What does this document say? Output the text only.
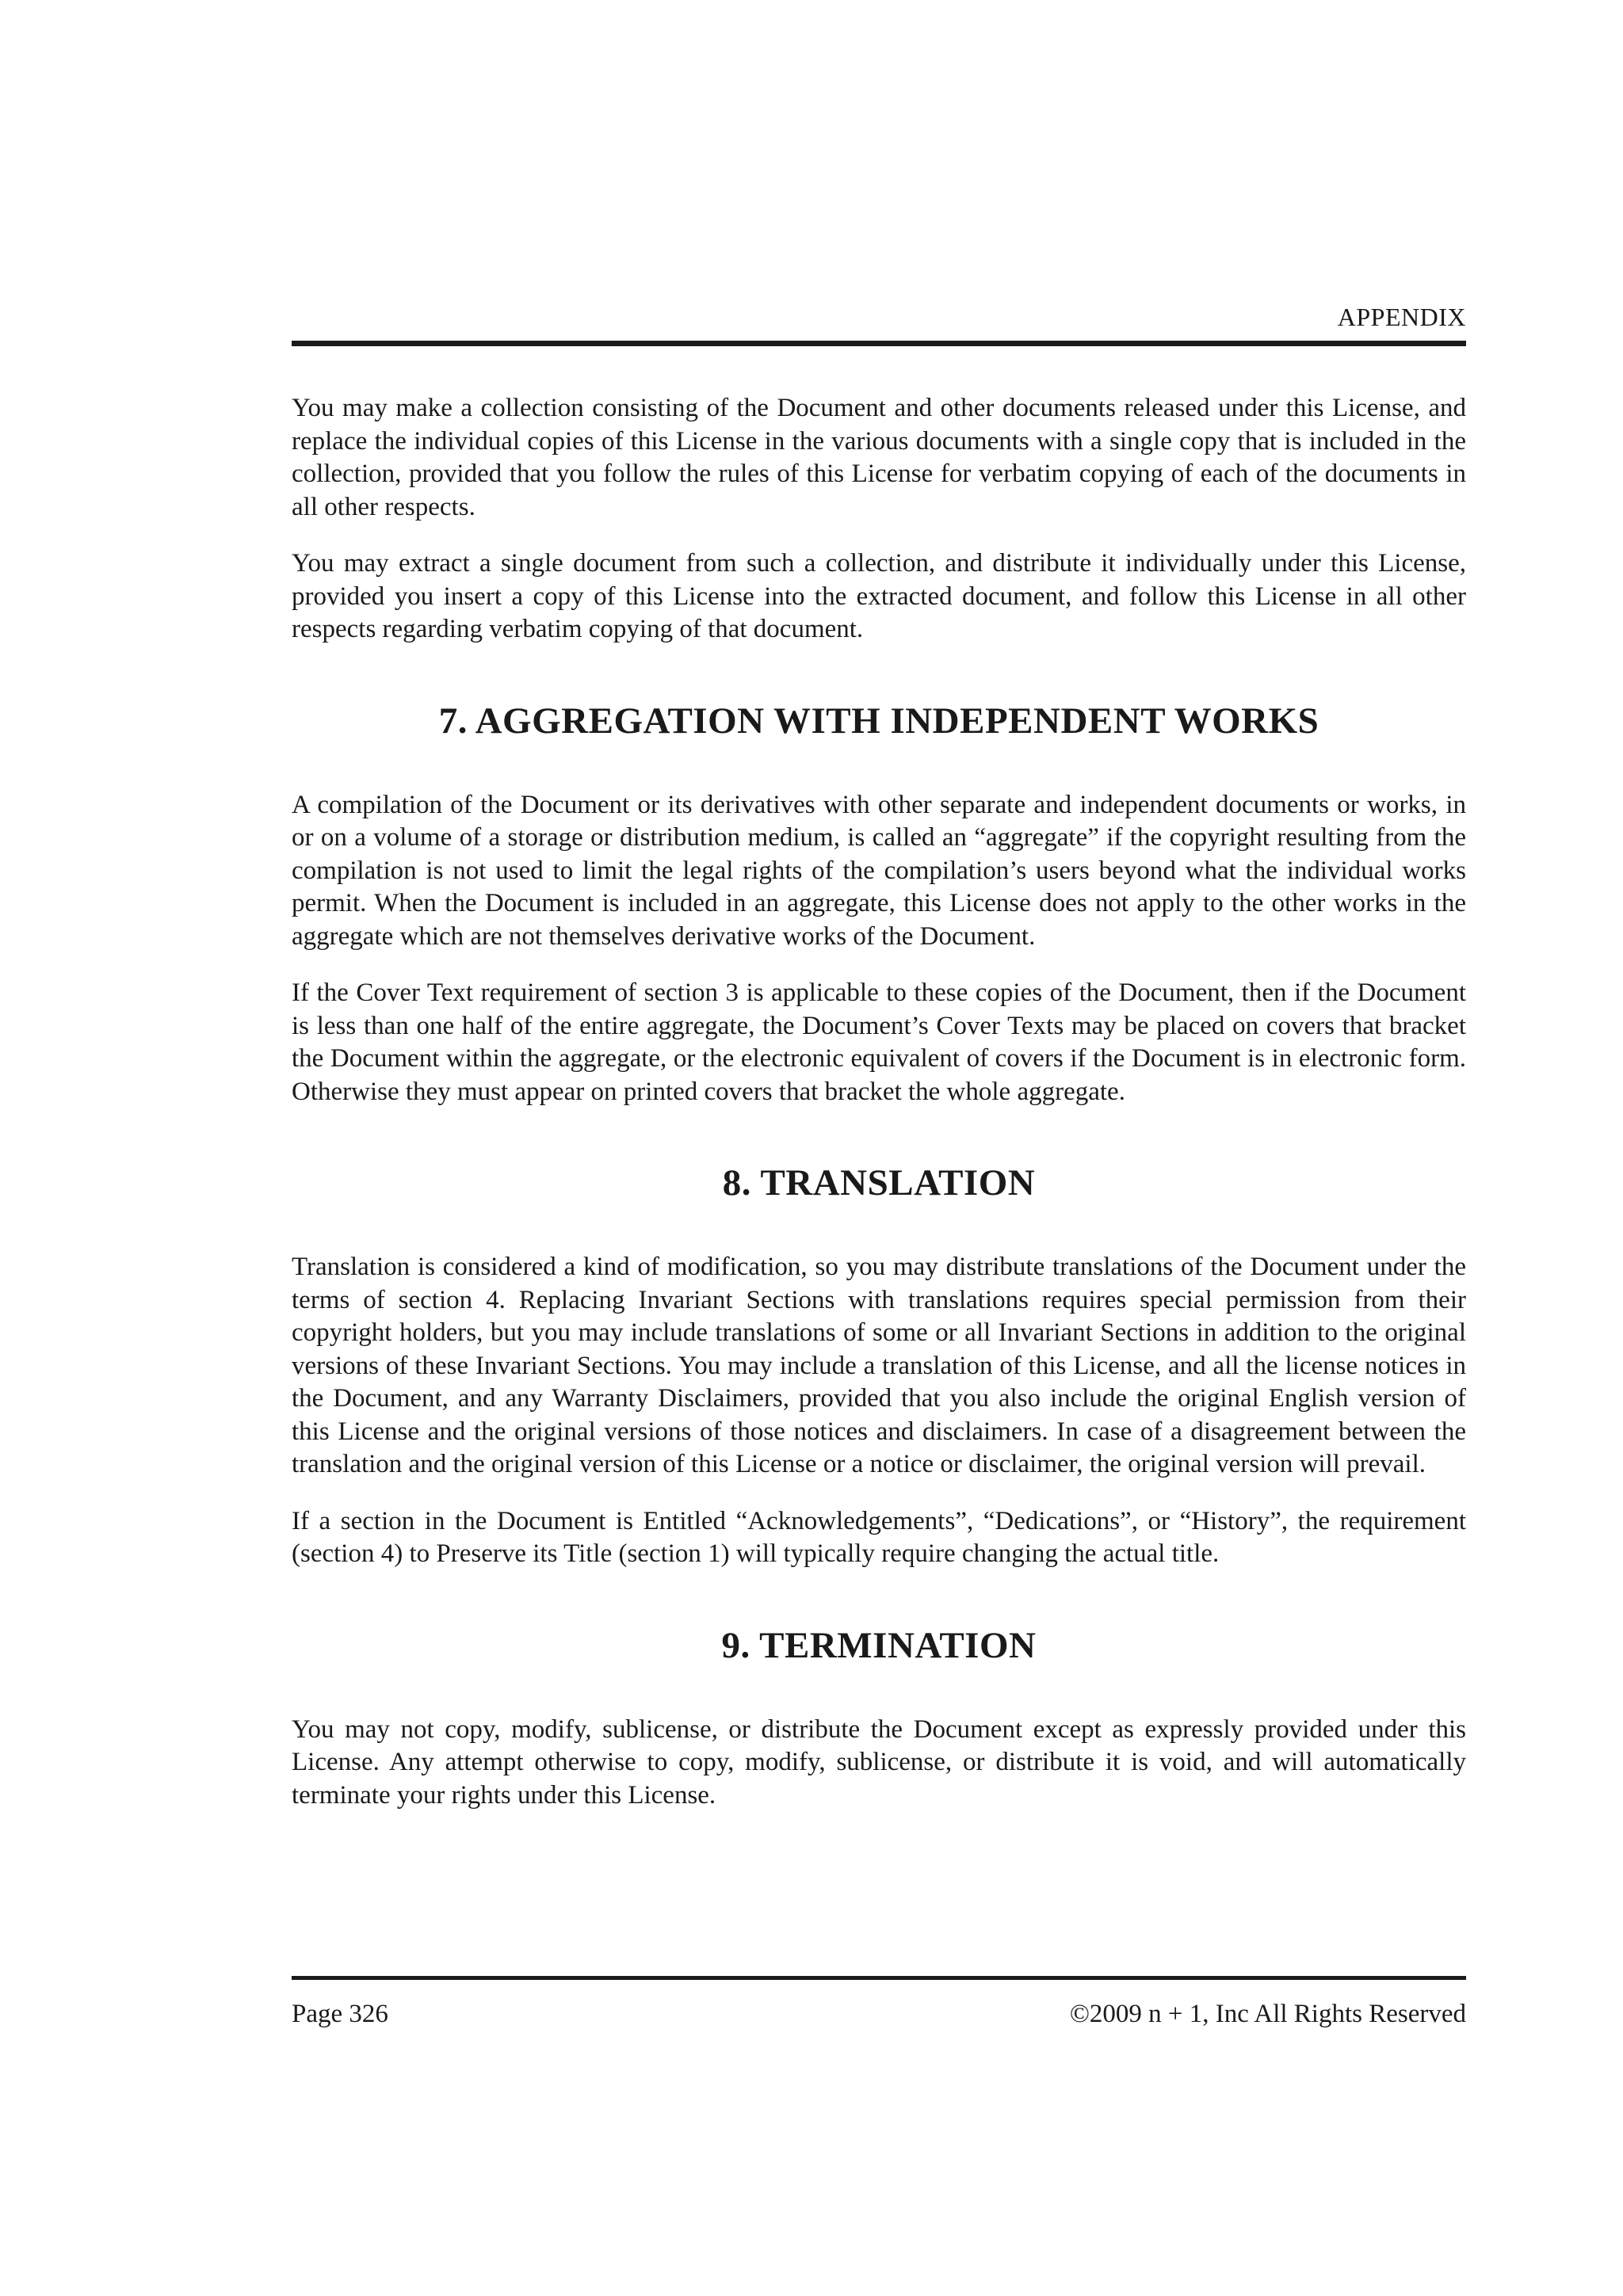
APPENDIX

You may make a collection consisting of the Document and other documents released under this License, and replace the individual copies of this License in the various documents with a single copy that is included in the collection, provided that you follow the rules of this License for verbatim copying of each of the documents in all other respects.

You may extract a single document from such a collection, and distribute it individually under this License, provided you insert a copy of this License into the extracted document, and follow this License in all other respects regarding verbatim copying of that document.

7. AGGREGATION WITH INDEPENDENT WORKS

A compilation of the Document or its derivatives with other separate and independent documents or works, in or on a volume of a storage or distribution medium, is called an “aggregate” if the copyright resulting from the compilation is not used to limit the legal rights of the compilation’s users beyond what the individual works permit. When the Document is included in an aggregate, this License does not apply to the other works in the aggregate which are not themselves derivative works of the Document.

If the Cover Text requirement of section 3 is applicable to these copies of the Document, then if the Document is less than one half of the entire aggregate, the Document’s Cover Texts may be placed on covers that bracket the Document within the aggregate, or the electronic equivalent of covers if the Document is in electronic form. Otherwise they must appear on printed covers that bracket the whole aggregate.

8. TRANSLATION

Translation is considered a kind of modification, so you may distribute translations of the Document under the terms of section 4. Replacing Invariant Sections with translations requires special permission from their copyright holders, but you may include translations of some or all Invariant Sections in addition to the original versions of these Invariant Sections. You may include a translation of this License, and all the license notices in the Document, and any Warranty Disclaimers, provided that you also include the original English version of this License and the original versions of those notices and disclaimers. In case of a disagreement between the translation and the original version of this License or a notice or disclaimer, the original version will prevail.

If a section in the Document is Entitled “Acknowledgements”, “Dedications”, or “History”, the requirement (section 4) to Preserve its Title (section 1) will typically require changing the actual title.

9. TERMINATION

You may not copy, modify, sublicense, or distribute the Document except as expressly provided under this License. Any attempt otherwise to copy, modify, sublicense, or distribute it is void, and will automatically terminate your rights under this License.

Page 326	©2009 n + 1, Inc All Rights Reserved
